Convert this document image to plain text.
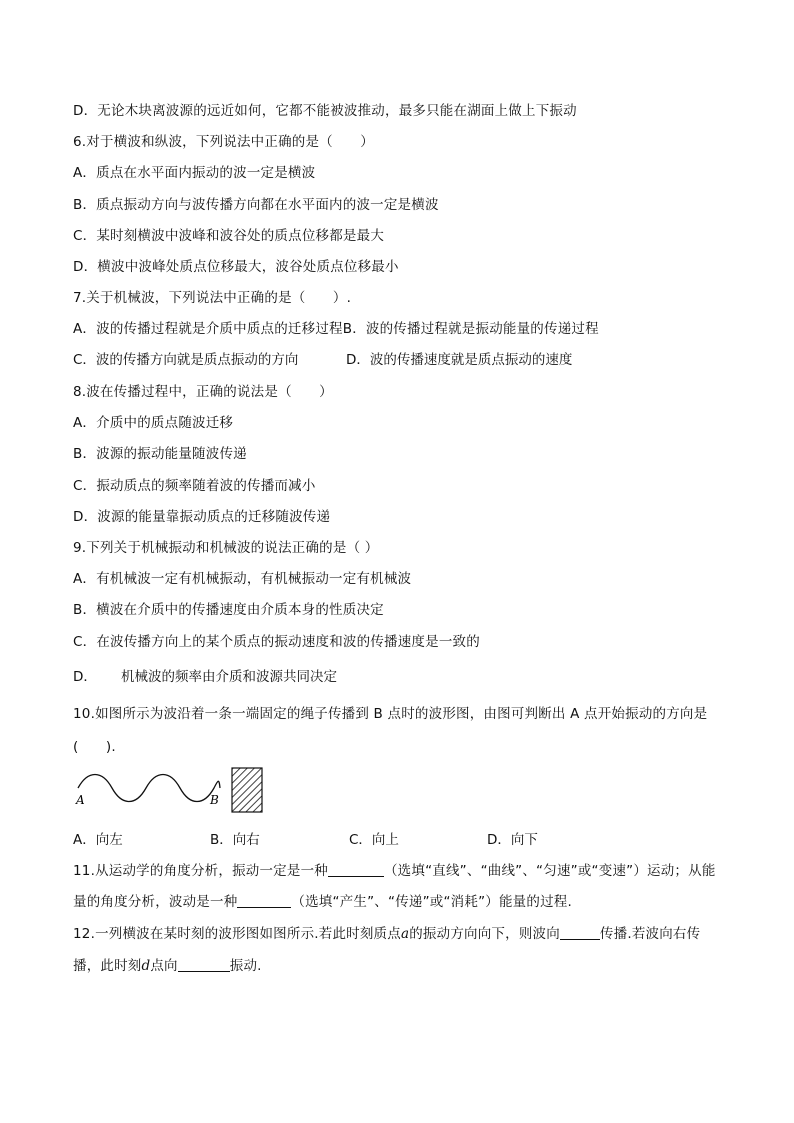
D．无论木块离波源的远近如何，它都不能被波推动，最多只能在湖面上做上下振动
6.对于横波和纵波，下列说法中正确的是（　　）
A．质点在水平面内振动的波一定是横波
B．质点振动方向与波传播方向都在水平面内的波一定是横波
C．某时刻横波中波峰和波谷处的质点位移都是最大
D．横波中波峰处质点位移最大，波谷处质点位移最小
7.关于机械波，下列说法中正确的是（　　）.
A．波的传播过程就是介质中质点的迁移过程B．波的传播过程就是振动能量的传递过程
C．波的传播方向就是质点振动的方向	D．波的传播速度就是质点振动的速度
8.波在传播过程中，正确的说法是（　　）
A．介质中的质点随波迁移
B．波源的振动能量随波传递
C．振动质点的频率随着波的传播而减小
D．波源的能量靠振动质点的迁移随波传递
9.下列关于机械振动和机械波的说法正确的是（ ）
A．有机械波一定有机械振动，有机械振动一定有机械波
B．横波在介质中的传播速度由介质本身的性质决定
C．在波传播方向上的某个质点的振动速度和波的传播速度是一致的
D． 机械波的频率由介质和波源共同决定
10.如图所示为波沿着一条一端固定的绳子传播到 B 点时的波形图，由图可判断出 A 点开始振动的方向是
(　　).
A	B
A．向左	B．向右	C．向上	D．向下
11.从运动学的角度分析，振动一定是一种	（选填“直线”、“曲线”、“匀速”或“变速”）运动；从能
量的角度分析，波动是一种	（选填“产生”、“传递”或“消耗”）能量的过程.
12.一列横波在某时刻的波形图如图所示.若此时刻质点a的振动方向向下，则波向	传播.若波向右传
播，此时刻d点向	振动.
